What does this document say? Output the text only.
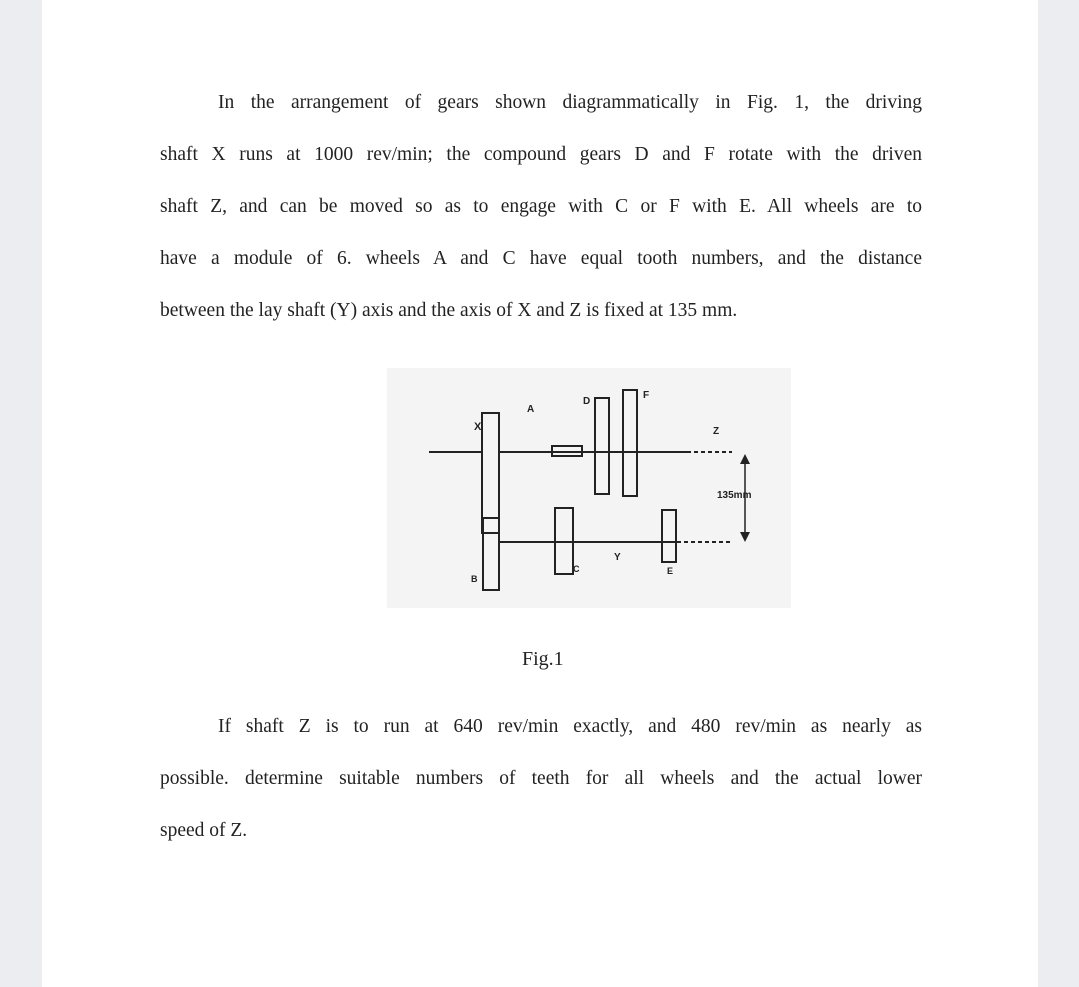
In the arrangement of gears shown diagrammatically in Fig. 1, the driving
shaft X runs at 1000 rev/min; the compound gears D and F rotate with the driven
shaft Z, and can be moved so as to engage with C or F with E. All wheels are to
have a module of 6. wheels A and C have equal tooth numbers, and the distance
between the lay shaft (Y) axis and the axis of X and Z is fixed at 135 mm.
X
A
D
F
Z
B
C
Y
E
135mm
Fig.1
If shaft Z is to run at 640 rev/min exactly, and 480 rev/min as nearly as
possible. determine suitable numbers of teeth for all wheels and the actual lower
speed of Z.
